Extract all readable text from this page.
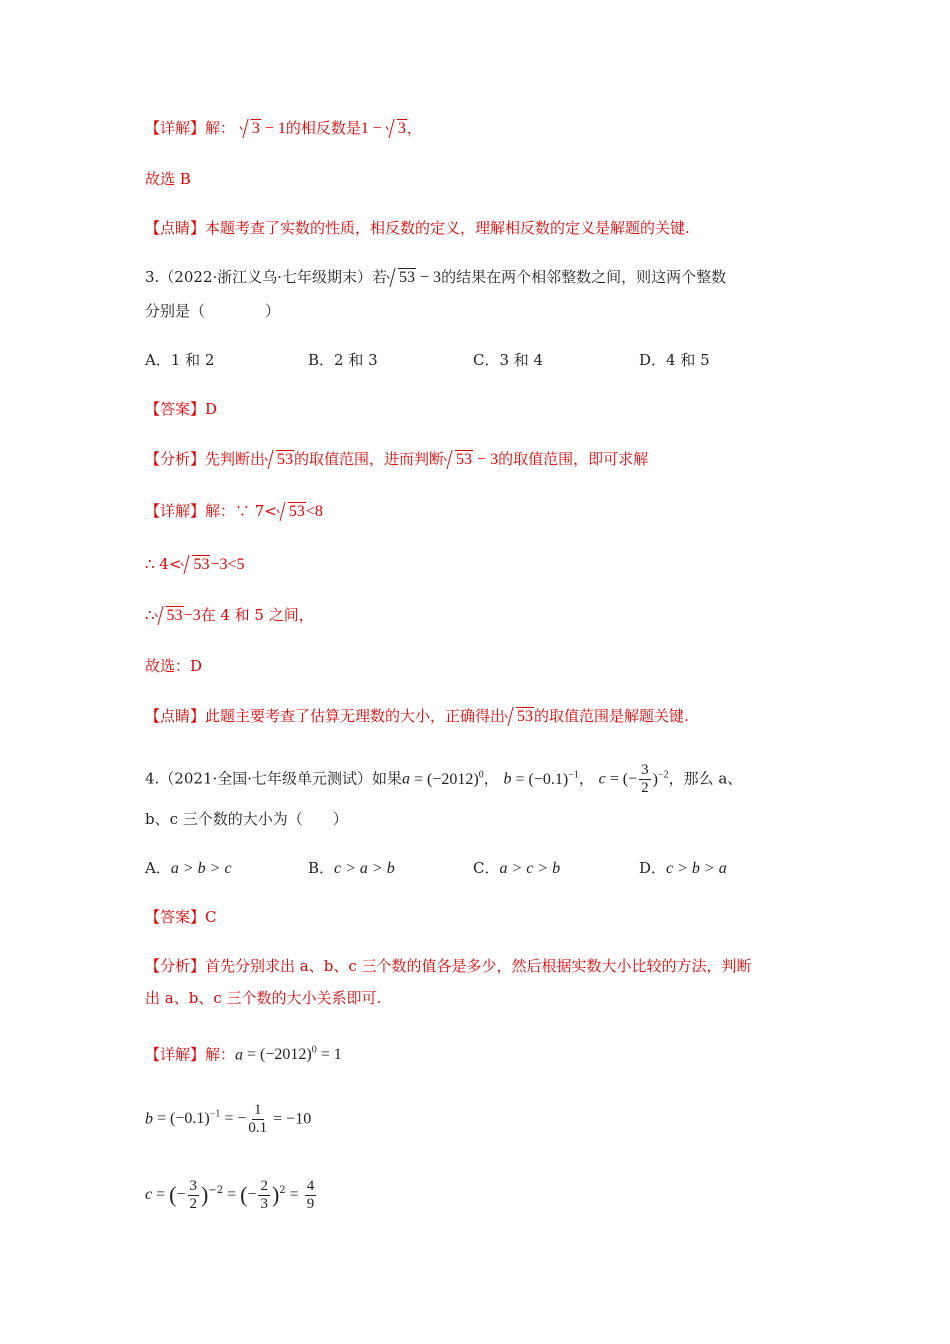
【详解】解： 3 − 1的相反数是1 − 3，
故选 B
【点睛】本题考查了实数的性质，相反数的定义，理解相反数的定义是解题的关键.
3.（2022·浙江义乌·七年级期末）若 53 − 3的结果在两个相邻整数之间，则这两个整数
分别是（　　　　）
A．1 和 2	B．2 和 3	C．3 和 4	D．4 和 5
【答案】D
【分析】先判断出 53的取值范围，进而判断 53 − 3的取值范围，即可求解
【详解】解：∵ 7< 53<8
∴ 4< 53−3<5
∴ 53−3在 4 和 5 之间，
故选：D
【点睛】此题主要考查了估算无理数的大小，正确得出 53的取值范围是解题关键.
4.（2021·全国·七年级单元测试）如果$a = (-2012)^0$， $b = (-0.1)^{-1}$， c = (− $\frac{3}{2} )^{-2}$，那么 a、
b、c 三个数的大小为（　　）
A．a > b > c	B．c > a > b	C．a > c > b	D．c > b > a
【答案】C
【分析】首先分别求出 a、b、c 三个数的值各是多少，然后根据实数大小比较的方法，判断
出 a、b、c 三个数的大小关系即可.
【详解】解：$a = (-2012)^0 = 1$
$b = (-0.1)^{-1}$ = − $\frac{1}{0.1} = -10$
c = (− $\frac{3}{2} )^{-2}$ = (− $\frac{2}{3} )^2 = \frac{4}{9}$
